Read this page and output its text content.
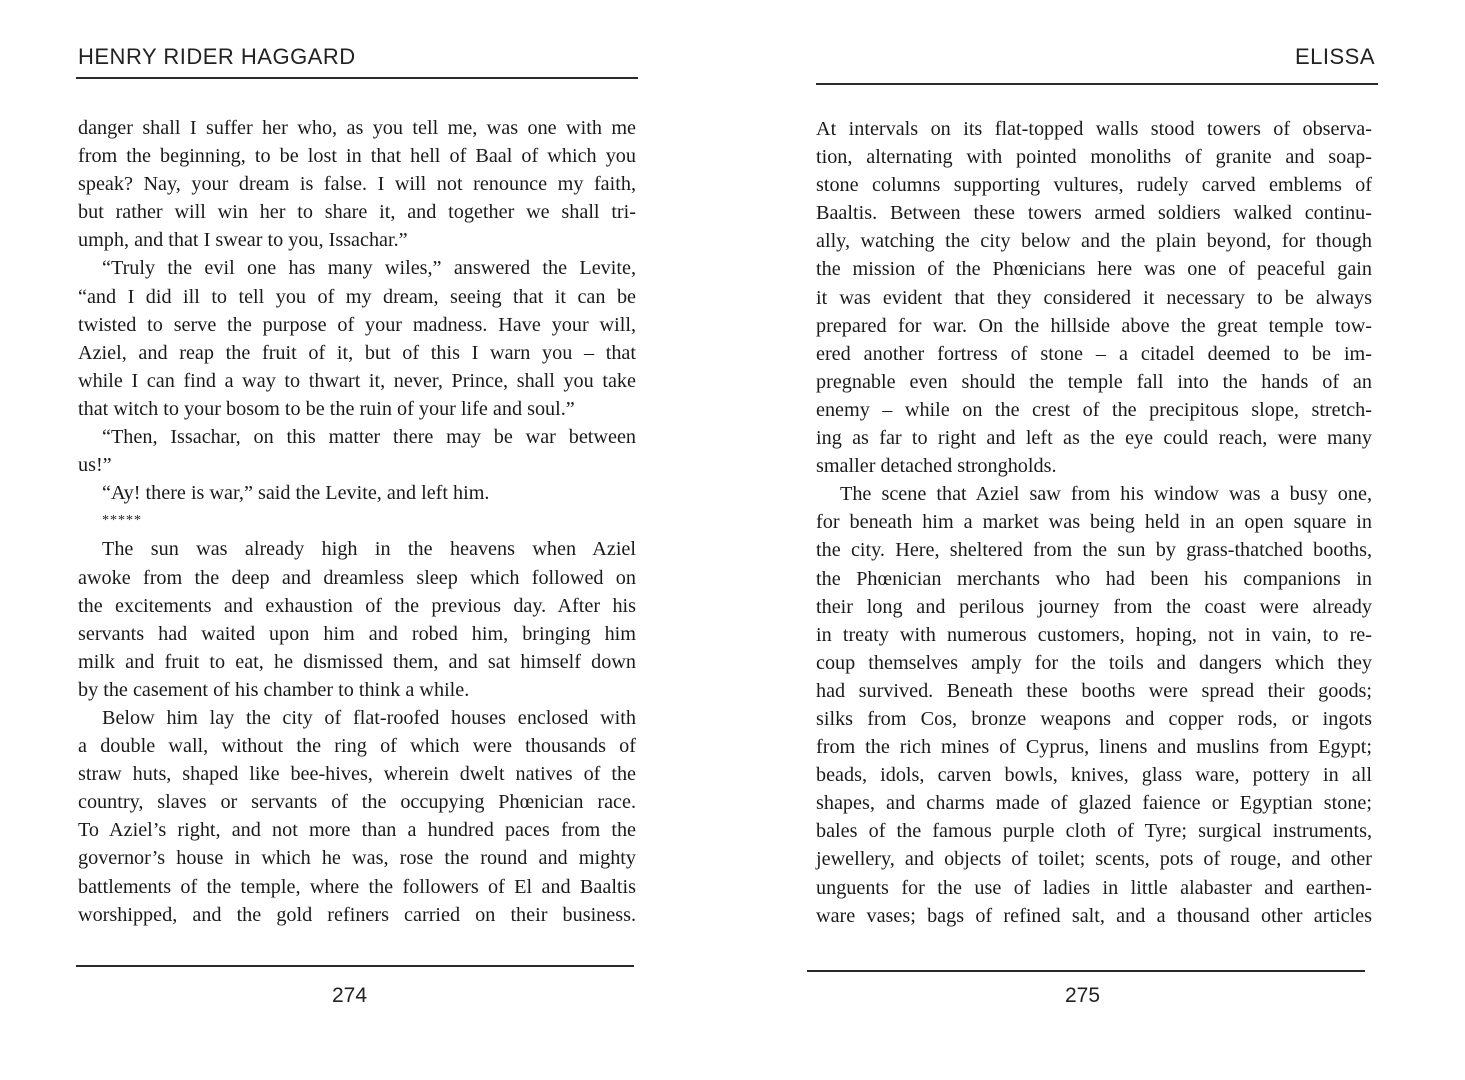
HENRY RIDER HAGGARD
danger shall I suffer her who, as you tell me, was one with me
from the beginning, to be lost in that hell of Baal of which you
speak? Nay, your dream is false. I will not renounce my faith,
but rather will win her to share it, and together we shall tri-
umph, and that I swear to you, Issachar.”
“Truly the evil one has many wiles,” answered the Levite,
“and I did ill to tell you of my dream, seeing that it can be
twisted to serve the purpose of your madness. Have your will,
Aziel, and reap the fruit of it, but of this I warn you – that
while I can find a way to thwart it, never, Prince, shall you take
that witch to your bosom to be the ruin of your life and soul.”
“Then, Issachar, on this matter there may be war between
us!”
“Ay! there is war,” said the Levite, and left him.
*****
The sun was already high in the heavens when Aziel
awoke from the deep and dreamless sleep which followed on
the excitements and exhaustion of the previous day. After his
servants had waited upon him and robed him, bringing him
milk and fruit to eat, he dismissed them, and sat himself down
by the casement of his chamber to think a while.
Below him lay the city of flat-roofed houses enclosed with
a double wall, without the ring of which were thousands of
straw huts, shaped like bee-hives, wherein dwelt natives of the
country, slaves or servants of the occupying Phœnician race.
To Aziel’s right, and not more than a hundred paces from the
governor’s house in which he was, rose the round and mighty
battlements of the temple, where the followers of El and Baaltis
worshipped, and the gold refiners carried on their business.
274
ELISSA
At intervals on its flat-topped walls stood towers of observa-
tion, alternating with pointed monoliths of granite and soap-
stone columns supporting vultures, rudely carved emblems of
Baaltis. Between these towers armed soldiers walked continu-
ally, watching the city below and the plain beyond, for though
the mission of the Phœnicians here was one of peaceful gain
it was evident that they considered it necessary to be always
prepared for war. On the hillside above the great temple tow-
ered another fortress of stone – a citadel deemed to be im-
pregnable even should the temple fall into the hands of an
enemy – while on the crest of the precipitous slope, stretch-
ing as far to right and left as the eye could reach, were many
smaller detached strongholds.
The scene that Aziel saw from his window was a busy one,
for beneath him a market was being held in an open square in
the city. Here, sheltered from the sun by grass-thatched booths,
the Phœnician merchants who had been his companions in
their long and perilous journey from the coast were already
in treaty with numerous customers, hoping, not in vain, to re-
coup themselves amply for the toils and dangers which they
had survived. Beneath these booths were spread their goods;
silks from Cos, bronze weapons and copper rods, or ingots
from the rich mines of Cyprus, linens and muslins from Egypt;
beads, idols, carven bowls, knives, glass ware, pottery in all
shapes, and charms made of glazed faience or Egyptian stone;
bales of the famous purple cloth of Tyre; surgical instruments,
jewellery, and objects of toilet; scents, pots of rouge, and other
unguents for the use of ladies in little alabaster and earthen-
ware vases; bags of refined salt, and a thousand other articles
275
